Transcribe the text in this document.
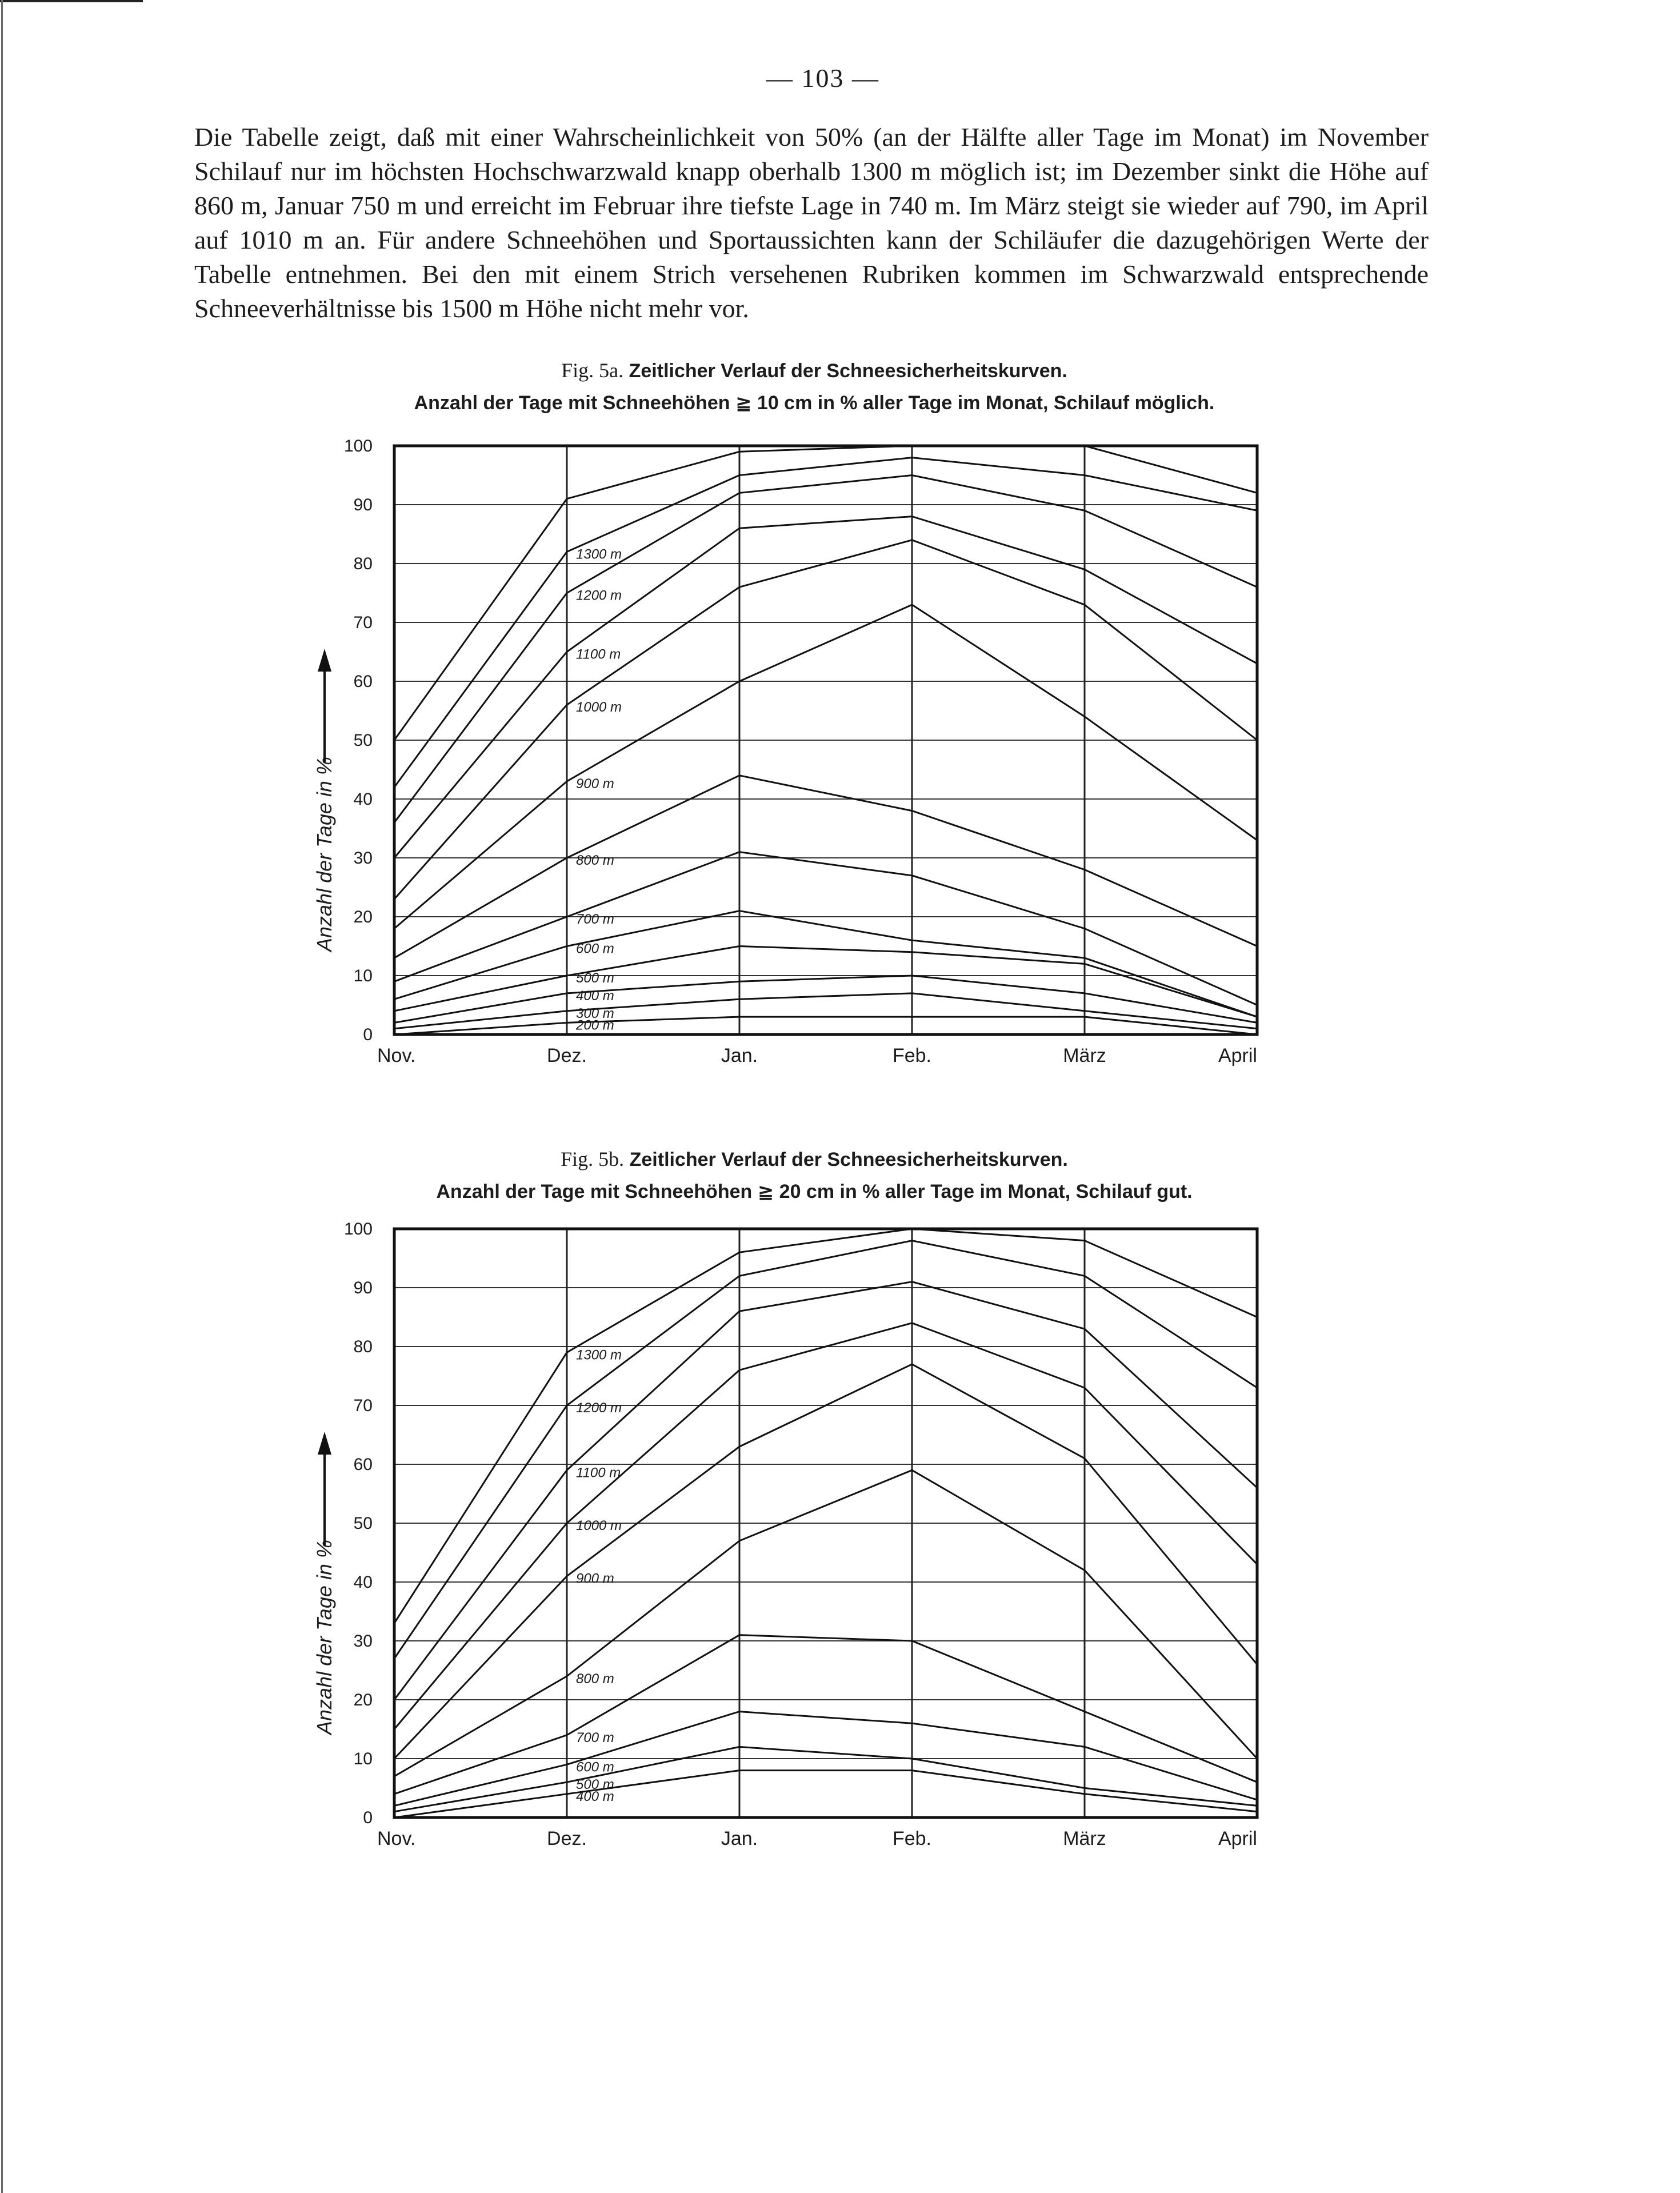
— 103 —

Die Tabelle zeigt, daß mit einer Wahrscheinlichkeit von 50% (an der Hälfte aller Tage im Monat) im November Schilauf nur im höchsten Hochschwarzwald knapp oberhalb 1300 m möglich ist; im Dezember sinkt die Höhe auf 860 m, Januar 750 m und erreicht im Februar ihre tiefste Lage in 740 m. Im März steigt sie wieder auf 790, im April auf 1010 m an. Für andere Schneehöhen und Sportaussichten kann der Schiläufer die dazugehörigen Werte der Tabelle entnehmen. Bei den mit einem Strich versehenen Rubriken kommen im Schwarzwald entsprechende Schneeverhältnisse bis 1500 m Höhe nicht mehr vor.

Fig. 5a. Zeitlicher Verlauf der Schneesicherheitskurven.
Anzahl der Tage mit Schneehöhen ≧ 10 cm in % aller Tage im Monat, Schilauf möglich.

0
10
20
30
40
50
60
70
80
90
100
Nov.	Dez.	Jan.	Feb.	März	April
200 m
300 m
400 m
500 m
600 m
700 m
800 m
900 m
1000 m
1100 m
1200 m
1300 m
Anzahl der Tage in %

Fig. 5b. Zeitlicher Verlauf der Schneesicherheitskurven.
Anzahl der Tage mit Schneehöhen ≧ 20 cm in % aller Tage im Monat, Schilauf gut.

0
10
20
30
40
50
60
70
80
90
100
Nov.	Dez.	Jan.	Feb.	März	April
400 m
500 m
600 m
700 m
800 m
900 m
1000 m
1100 m
1200 m
1300 m
Anzahl der Tage in %
